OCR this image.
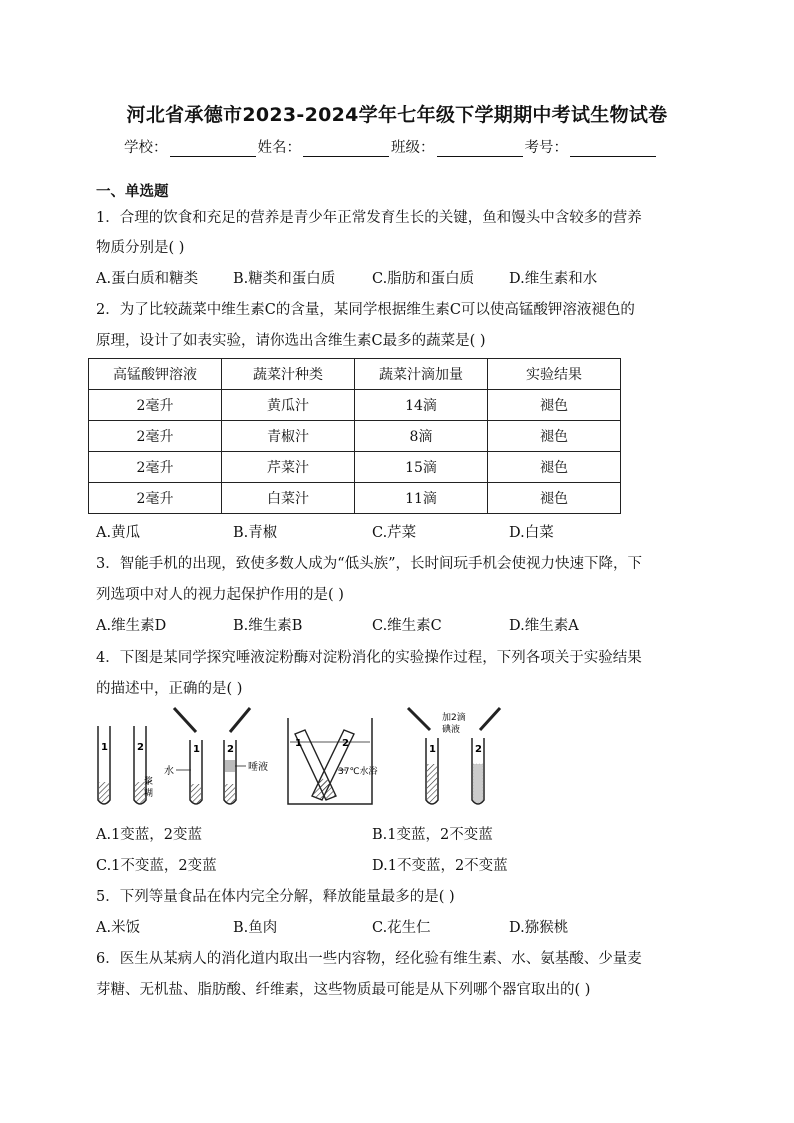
河北省承德市2023-2024学年七年级下学期期中考试生物试卷
学校：	姓名：	班级：	考号：
一、单选题
1．合理的饮食和充足的营养是青少年正常发育生长的关键，鱼和馒头中含较多的营养
物质分别是( )
A.蛋白质和糖类 B.糖类和蛋白质	C.脂肪和蛋白质 D.维生素和水
2．为了比较蔬菜中维生素C的含量，某同学根据维生素C可以使高锰酸钾溶液褪色的
原理，设计了如表实验，请你选出含维生素C最多的蔬菜是( )
高锰酸钾溶液	蔬菜汁种类	蔬菜汁滴加量	实验结果
2毫升	黄瓜汁	14滴	褪色
2毫升	青椒汁	8滴	褪色
2毫升	芹菜汁	15滴	褪色
2毫升	白菜汁	11滴	褪色
A.黄瓜	B.青椒	C.芹菜	D.白菜
3．智能手机的出现，致使多数人成为“低头族”，长时间玩手机会使视力快速下降，下
列选项中对人的视力起保护作用的是( )
A.维生素D	B.维生素B	C.维生素C	D.维生素A
4．下图是某同学探究唾液淀粉酶对淀粉消化的实验操作过程，下列各项关于实验结果
的描述中，正确的是( )
1	2
浆
糊
1	2
水	唾液
1	2
37℃水浴
1	2
加2滴
碘液
A.1变蓝，2变蓝	B.1变蓝，2不变蓝
C.1不变蓝，2变蓝	D.1不变蓝，2不变蓝
5．下列等量食品在体内完全分解，释放能量最多的是( )
A.米饭	B.鱼肉	C.花生仁	D.猕猴桃
6．医生从某病人的消化道内取出一些内容物，经化验有维生素、水、氨基酸、少量麦
芽糖、无机盐、脂肪酸、纤维素，这些物质最可能是从下列哪个器官取出的( )
